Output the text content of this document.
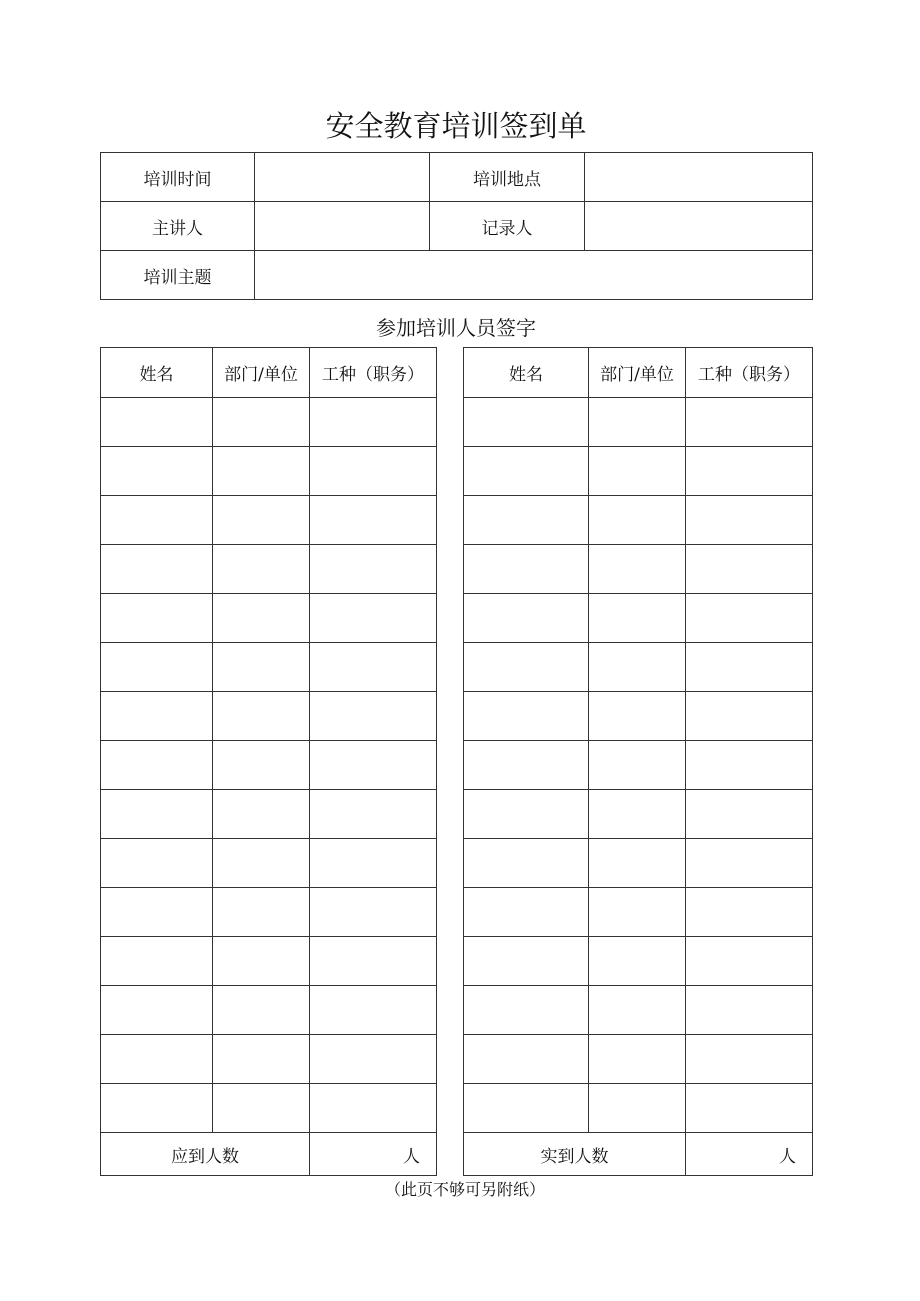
安全教育培训签到单
培训时间		培训地点	
主讲人		记录人	
培训主题			
参加培训人员签字
姓名	部门/单位	工种（职务）

应到人数		人
姓名	部门/单位	工种（职务）

实到人数		人
（此页不够可另附纸）
